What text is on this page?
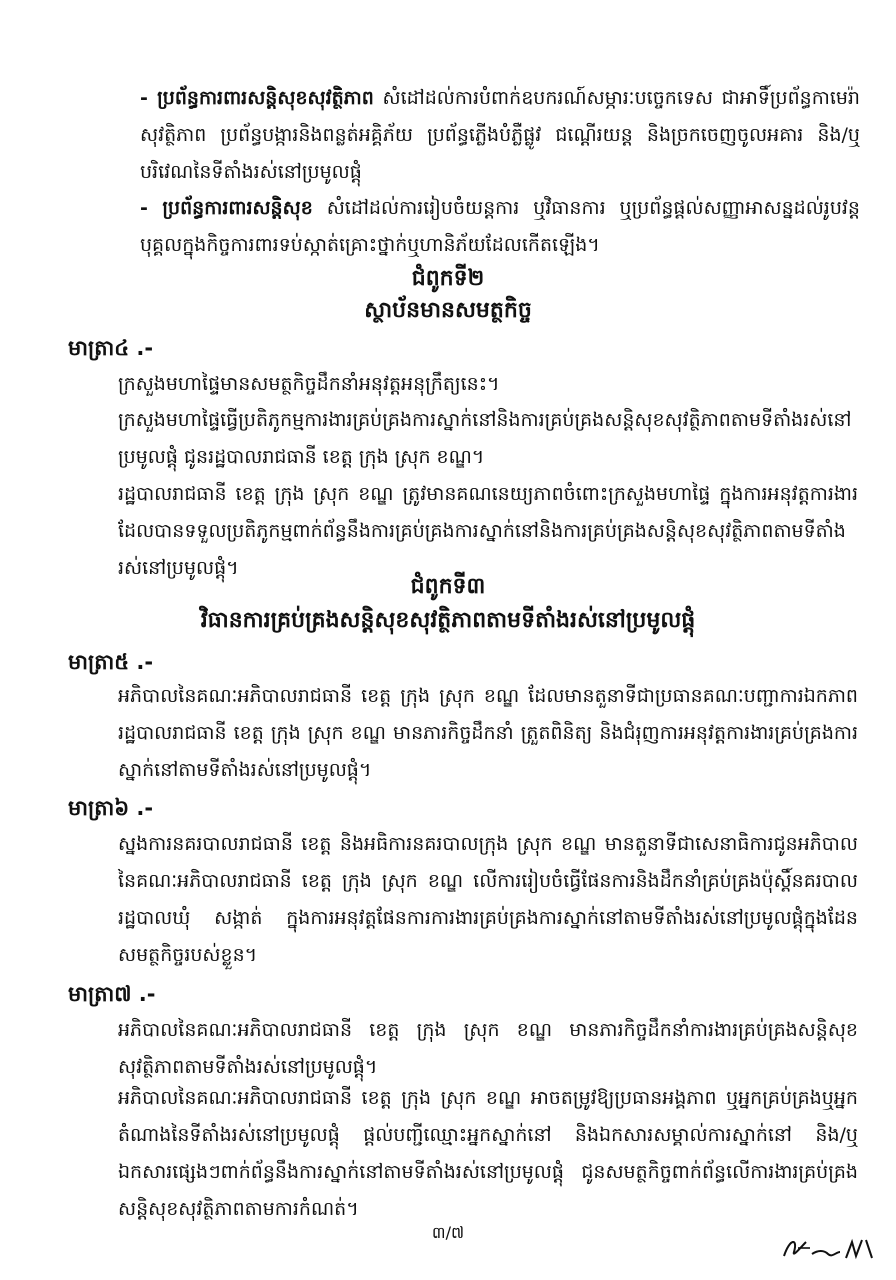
- ប្រព័ន្ធការពារសន្តិសុខសុវត្ថិភាព សំដៅដល់ការបំពាក់ឧបករណ៍សម្ភារៈបច្ចេកទេស ជាអាទិ៍ប្រព័ន្ធកាមេរ៉ាសុវត្ថិភាព ប្រព័ន្ធបង្ការនិងពន្លត់អគ្គិភ័យ ប្រព័ន្ធភ្លើងបំភ្លឺផ្លូវ ជណ្ដើរយន្ត និងច្រកចេញចូលអគារ និង/ឬបរិវេណនៃទីតាំងរស់នៅប្រមូលផ្តុំ

- ប្រព័ន្ធការពារសន្តិសុខ សំដៅដល់ការរៀបចំយន្តការ ឬវិធានការ ឬប្រព័ន្ធផ្តល់សញ្ញាអាសន្នដល់រូបវន្តបុគ្គលក្នុងកិច្ចការពារទប់ស្កាត់គ្រោះថ្នាក់ឬហានិភ័យដែលកើតឡើង។

ជំពូកទី២
ស្ថាប័នមានសមត្ថកិច្ច
មាត្រា៤ .-

ក្រសួងមហាផ្ទៃមានសមត្ថកិច្ចដឹកនាំអនុវត្តអនុក្រឹត្យនេះ។

ក្រសួងមហាផ្ទៃធ្វើប្រតិភូកម្មការងារគ្រប់គ្រងការស្នាក់នៅនិងការគ្រប់គ្រងសន្តិសុខសុវត្ថិភាពតាមទីតាំងរស់នៅប្រមូលផ្តុំ ជូនរដ្ឋបាលរាជធានី ខេត្ត ក្រុង ស្រុក ខណ្ឌ។

រដ្ឋបាលរាជធានី ខេត្ត ក្រុង ស្រុក ខណ្ឌ ត្រូវមានគណនេយ្យភាពចំពោះក្រសួងមហាផ្ទៃ ក្នុងការអនុវត្តការងារដែលបានទទួលប្រតិភូកម្មពាក់ព័ន្ធនឹងការគ្រប់គ្រងការស្នាក់នៅនិងការគ្រប់គ្រងសន្តិសុខសុវត្ថិភាពតាមទីតាំងរស់នៅប្រមូលផ្តុំ។

ជំពូកទី៣
វិធានការគ្រប់គ្រងសន្តិសុខសុវត្ថិភាពតាមទីតាំងរស់នៅប្រមូលផ្តុំ
មាត្រា៥ .-

អភិបាលនៃគណៈអភិបាលរាជធានី ខេត្ត ក្រុង ស្រុក ខណ្ឌ ដែលមានតួនាទីជាប្រធានគណៈបញ្ជាការឯកភាពរដ្ឋបាលរាជធានី ខេត្ត ក្រុង ស្រុក ខណ្ឌ មានភារកិច្ចដឹកនាំ ត្រួតពិនិត្យ និងជំរុញការអនុវត្តការងារគ្រប់គ្រងការស្នាក់នៅតាមទីតាំងរស់នៅប្រមូលផ្តុំ។

មាត្រា៦ .-

ស្នងការនគរបាលរាជធានី ខេត្ត និងអធិការនគរបាលក្រុង ស្រុក ខណ្ឌ មានតួនាទីជាសេនាធិការជូនអភិបាលនៃគណៈអភិបាលរាជធានី ខេត្ត ក្រុង ស្រុក ខណ្ឌ លើការរៀបចំធ្វើផែនការនិងដឹកនាំគ្រប់គ្រងប៉ុស្តិ៍នគរបាលរដ្ឋបាលឃុំ សង្កាត់ ក្នុងការអនុវត្តផែនការការងារគ្រប់គ្រងការស្នាក់នៅតាមទីតាំងរស់នៅប្រមូលផ្តុំក្នុងដែនសមត្ថកិច្ចរបស់ខ្លួន។

មាត្រា៧ .-

អភិបាលនៃគណៈអភិបាលរាជធានី ខេត្ត ក្រុង ស្រុក ខណ្ឌ មានភារកិច្ចដឹកនាំការងារគ្រប់គ្រងសន្តិសុខសុវត្ថិភាពតាមទីតាំងរស់នៅប្រមូលផ្តុំ។

អភិបាលនៃគណៈអភិបាលរាជធានី ខេត្ត ក្រុង ស្រុក ខណ្ឌ អាចតម្រូវឱ្យប្រធានអង្គភាព ឬអ្នកគ្រប់គ្រងឬអ្នកតំណាងនៃទីតាំងរស់នៅប្រមូលផ្តុំ ផ្តល់បញ្ជីឈ្មោះអ្នកស្នាក់នៅ និងឯកសារសម្គាល់ការស្នាក់នៅ និង/ឬឯកសារផ្សេងៗពាក់ព័ន្ធនឹងការស្នាក់នៅតាមទីតាំងរស់នៅប្រមូលផ្តុំ ជូនសមត្ថកិច្ចពាក់ព័ន្ធលើការងារគ្រប់គ្រងសន្តិសុខសុវត្ថិភាពតាមការកំណត់។

៣/៧
